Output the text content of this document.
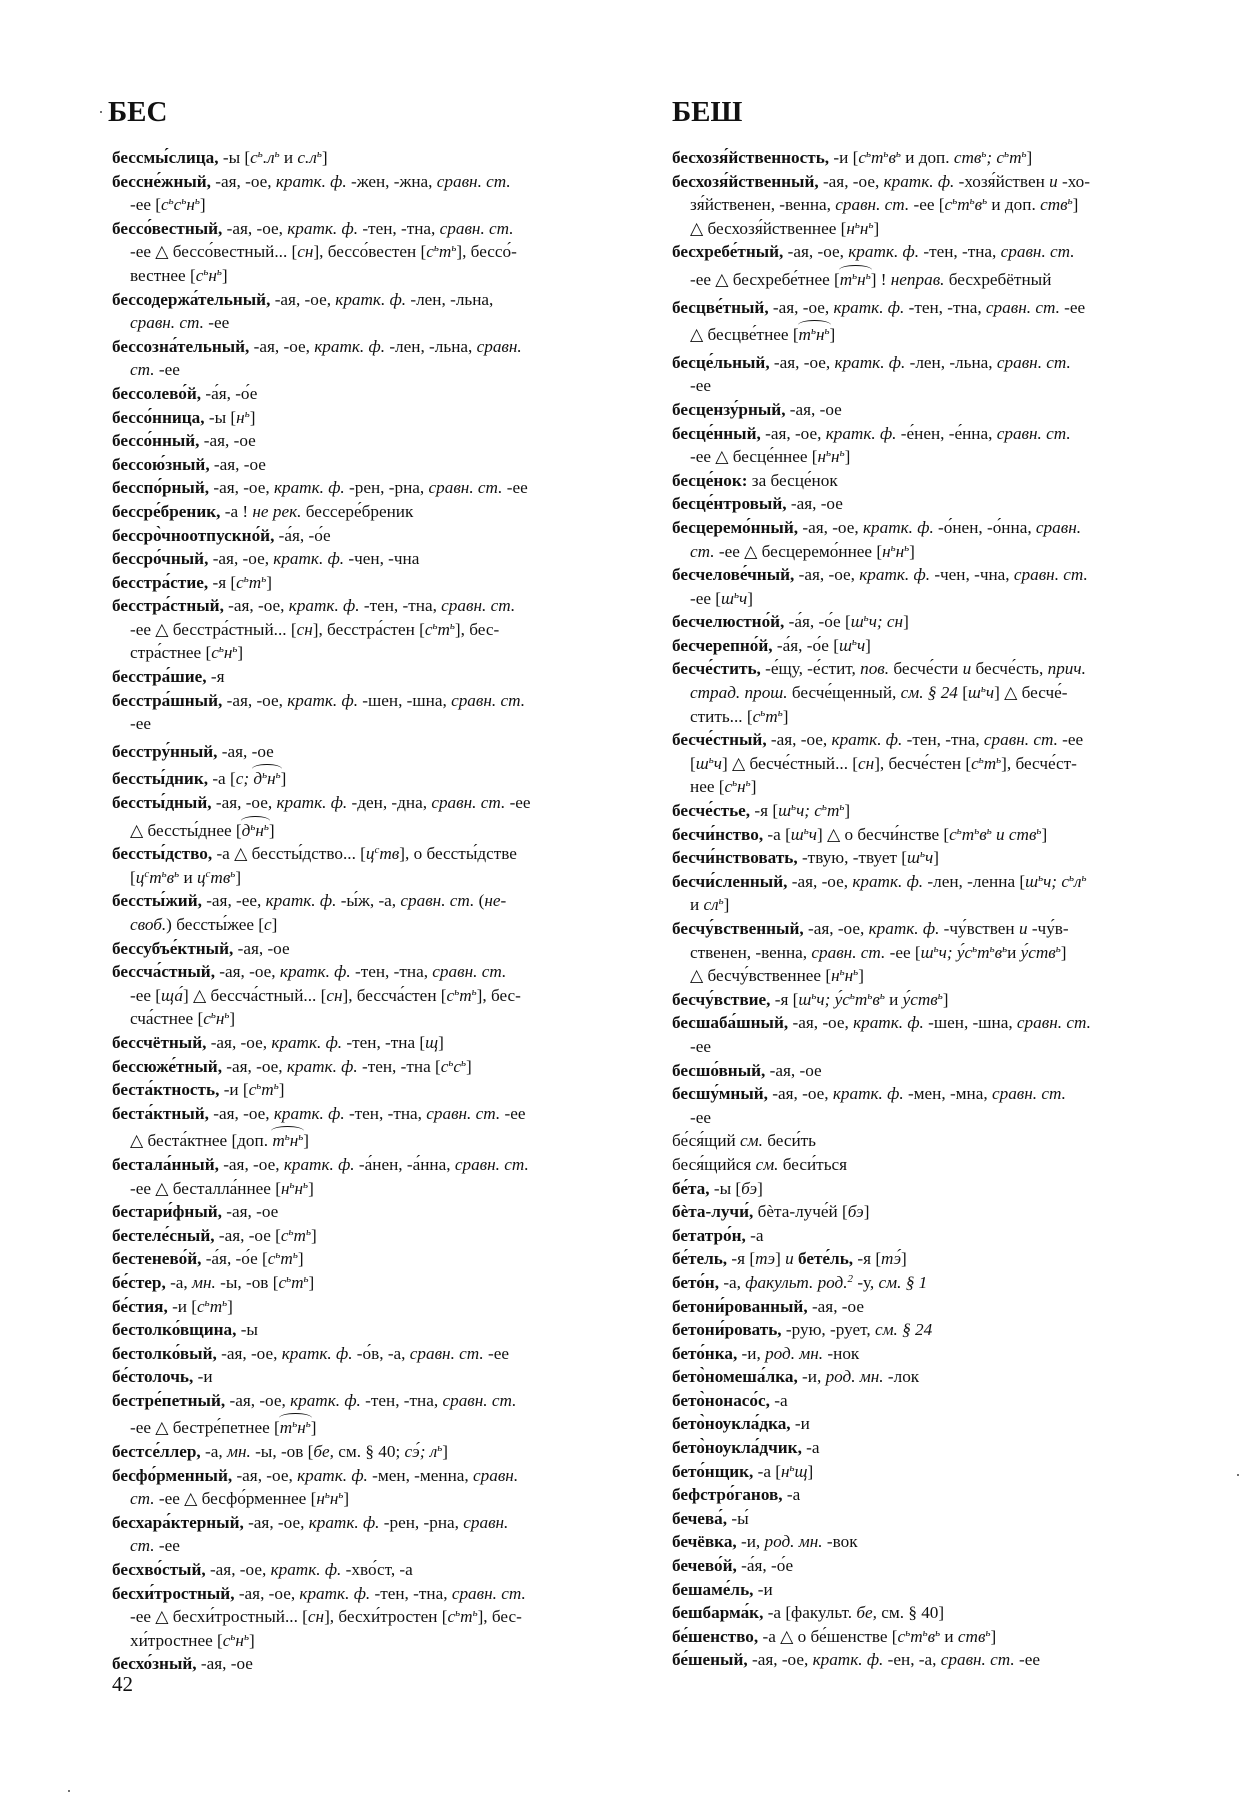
БЕС	БЕШ
бессмы́слица, -ы [$с^ь.л^ь$ и $с.л^ь$]
бессне́жный, -ая, -ое, кратк. ф. -жен, -жна, сравн. ст.
-ее $[с^ьс^ьн^ь]$
бессо́вестный, -ая, -ое, кратк. ф. -тен, -тна, сравн. ст.
-ее △ бессо́вестный... [сн], бессо́вестен $[с^ьт^ь]$, бессо́-
вестнее $[с^ьн^ь]$
бессодержа́тельный, -ая, -ое, кратк. ф. -лен, -льна,
сравн. ст. -ее
бессозна́тельный, -ая, -ое, кратк. ф. -лен, -льна, сравн.
ст. -ее
бессолево́й, -а́я, -о́е
бессо́нница, -ы $[н^ь]$
бессо́нный, -ая, -ое
бессою́зный, -ая, -ое
бесспо́рный, -ая, -ое, кратк. ф. -рен, -рна, сравн. ст. -ее
бессре́бреник, -а ! не рек. бессере́бреник
бессро̀чноотпускно́й, -а́я, -о́е
бессро́чный, -ая, -ое, кратк. ф. -чен, -чна
бесстра́стие, -я $[с^ьт^ь]$
бесстра́стный, -ая, -ое, кратк. ф. -тен, -тна, сравн. ст.
-ее △ бесстра́стный... [сн], бесстра́стен $[с^ьт^ь]$, бес-
стра́стнее $[с^ьн^ь]$
бесстра́шие, -я
бесстра́шный, -ая, -ое, кратк. ф. -шен, -шна, сравн. ст.
-ее
бесстру́нный, -ая, -ое
бессты́дник, -а [с; $д^ьн^ь$]
бессты́дный, -ая, -ое, кратк. ф. -ден, -дна, сравн. ст. -ее
△ бессты́днее $[д^ьн^ь]$
бессты́дство, -а △ бессты́дство... $[ц^ств]$, о бессты́дстве
[$ц^ст^ьв^ь$ и $ц^ств^ь$]
бессты́жий, -ая, -ее, кратк. ф. -ы́ж, -а, сравн. ст. (не-
своб.) бессты́жее [с]
бессубъе́ктный, -ая, -ое
бессча́стный, -ая, -ое, кратк. ф. -тен, -тна, сравн. ст.
-ее [ща́] △ бессча́стный... [сн], бессча́стен $[с^ьт^ь]$, бес-
сча́стнее $[с^ьн^ь]$
бессчётный, -ая, -ое, кратк. ф. -тен, -тна [щ]
бессюже́тный, -ая, -ое, кратк. ф. -тен, -тна $[с^ьс^ь]$
беста́ктность, -и $[с^ьт^ь]$
беста́ктный, -ая, -ое, кратк. ф. -тен, -тна, сравн. ст. -ее
△ беста́ктнее [доп. $т^ьн^ь$]
бестала́нный, -ая, -ое, кратк. ф. -а́нен, -а́нна, сравн. ст.
-ее △ бесталла́ннее $[н^ьн^ь]$
бестари́фный, -ая, -ое
бестеле́сный, -ая, -ое $[с^ьт^ь]$
бестенево́й, -а́я, -о́е $[с^ьт^ь]$
бе́стер, -а, мн. -ы, -ов $[с^ьт^ь]$
бе́стия, -и $[с^ьт^ь]$
бестолко́вщина, -ы
бестолко́вый, -ая, -ое, кратк. ф. -о́в, -а, сравн. ст. -ее
бе́столочь, -и
бестре́петный, -ая, -ое, кратк. ф. -тен, -тна, сравн. ст.
-ее △ бестре́петнее $[т^ьн^ь]$
бестсе́ллер, -а, мн. -ы, -ов [бе, см. § 40; сэ́; $л^ь$]
бесфо́рменный, -ая, -ое, кратк. ф. -мен, -менна, сравн.
ст. -ее △ бесфо́рменнее $[н^ьн^ь]$
бесхара́ктерный, -ая, -ое, кратк. ф. -рен, -рна, сравн.
ст. -ее
бесхво́стый, -ая, -ое, кратк. ф. -хво́ст, -а
бесхи́тростный, -ая, -ое, кратк. ф. -тен, -тна, сравн. ст.
-ее △ бесхи́тростный... [сн], бесхи́тростен $[с^ьт^ь]$, бес-
хи́тростнее $[с^ьн^ь]$
бесхо́зный, -ая, -ое
бесхозя́йственность, -и [$с^ьт^ьв^ь$ и доп. ств$^ь$; $с^ьт^ь$]
бесхозя́йственный, -ая, -ое, кратк. ф. -хозя́йствен и -хо-
зя́йственен, -венна, сравн. ст. -ее [$с^ьт^ьв^ь$ и доп. ств$^ь$]
△ бесхозя́йственнее $[н^ьн^ь]$
бесхребе́тный, -ая, -ое, кратк. ф. -тен, -тна, сравн. ст.
-ее △ бесхребе́тнее $[т^ьн^ь]$ ! неправ. бесхребётный
бесцве́тный, -ая, -ое, кратк. ф. -тен, -тна, сравн. ст. -ее
△ бесцве́тнее $[т^ьн^ь]$
бесце́льный, -ая, -ое, кратк. ф. -лен, -льна, сравн. ст.
-ее
бесцензу́рный, -ая, -ое
бесце́нный, -ая, -ое, кратк. ф. -е́нен, -е́нна, сравн. ст.
-ее △ бесце́ннее $[н^ьн^ь]$
бесце́нок: за бесце́нок
бесце́нтровый, -ая, -ое
бесцеремо́нный, -ая, -ое, кратк. ф. -о́нен, -о́нна, сравн.
ст. -ее △ бесцеремо́ннее $[н^ьн^ь]$
бесчелове́чный, -ая, -ое, кратк. ф. -чен, -чна, сравн. ст.
-ее $[ш^ьч]$
бесчелюстно́й, -а́я, -о́е [$ш^ьч$; сн]
бесчерепно́й, -а́я, -о́е $[ш^ьч]$
бесче́стить, -е́щу, -е́стит, пов. бесче́сти и бесче́сть, прич.
страд. прош. бесче́щенный, см. § 24 $[ш^ьч]$ △ бесче́-
стить... $[с^ьт^ь]$
бесче́стный, -ая, -ое, кратк. ф. -тен, -тна, сравн. ст. -ее
$[ш^ьч]$ △ бесче́стный... [сн], бесче́стен $[с^ьт^ь]$, бесче́ст-
нее $[с^ьн^ь]$
бесче́стье, -я [$ш^ьч$; $с^ьт^ь$]
бесчи́нство, -а $[ш^ьч]$ △ о бесчи́нстве [$с^ьт^ьв^ь$ и ств$^ь$]
бесчи́нствовать, -твую, -твует $[ш^ьч]$
бесчи́сленный, -ая, -ое, кратк. ф. -лен, -ленна [$ш^ьч$; $с^ьл^ь$
и $сл^ь$]
бесчу́вственный, -ая, -ое, кратк. ф. -чу́вствен и -чу́в-
ственен, -венна, сравн. ст. -ее [$ш^ьч$; $у́с^ьт^ьв^ьи$ у́ств$^ь$]
△ бесчу́вственнее $[н^ьн^ь]$
бесчу́вствие, -я [$ш^ьч$; $у́с^ьт^ьв^ь$ и у́ств$^ь$]
бесшаба́шный, -ая, -ое, кратк. ф. -шен, -шна, сравн. ст.
-ее
бесшо́вный, -ая, -ое
бесшу́мный, -ая, -ое, кратк. ф. -мен, -мна, сравн. ст.
-ее
бе́ся́щий см. беси́ть
беся́щийся см. беси́ться
бе́та, -ы [бэ]
бѐта-лучи́, бѐта-луче́й [бэ]
бетатро́н, -а
бе́тель, -я [тэ] и бете́ль, -я [тэ́]
бето́н, -а, факульт. род.$^2$ -у, см. § 1
бетони́рованный, -ая, -ое
бетони́ровать, -рую, -рует, см. § 24
бето́нка, -и, род. мн. -нок
бето̀номеша́лка, -и, род. мн. -лок
бето̀нонасо́с, -а
бето̀ноукла́дка, -и
бето̀ноукла́дчик, -а
бето́нщик, -а $[н^ьщ]$
бефстро́ганов, -а
бечева́, -ы́
бечёвка, -и, род. мн. -вок
бечево́й, -а́я, -о́е
бешаме́ль, -и
бешбарма́к, -а [факульт. бе, см. § 40]
бе́шенство, -а △ о бе́шенстве [$с^ьт^ьв^ь$ и ств$^ь$]
бе́шеный, -ая, -ое, кратк. ф. -ен, -а, сравн. ст. -ее
42
